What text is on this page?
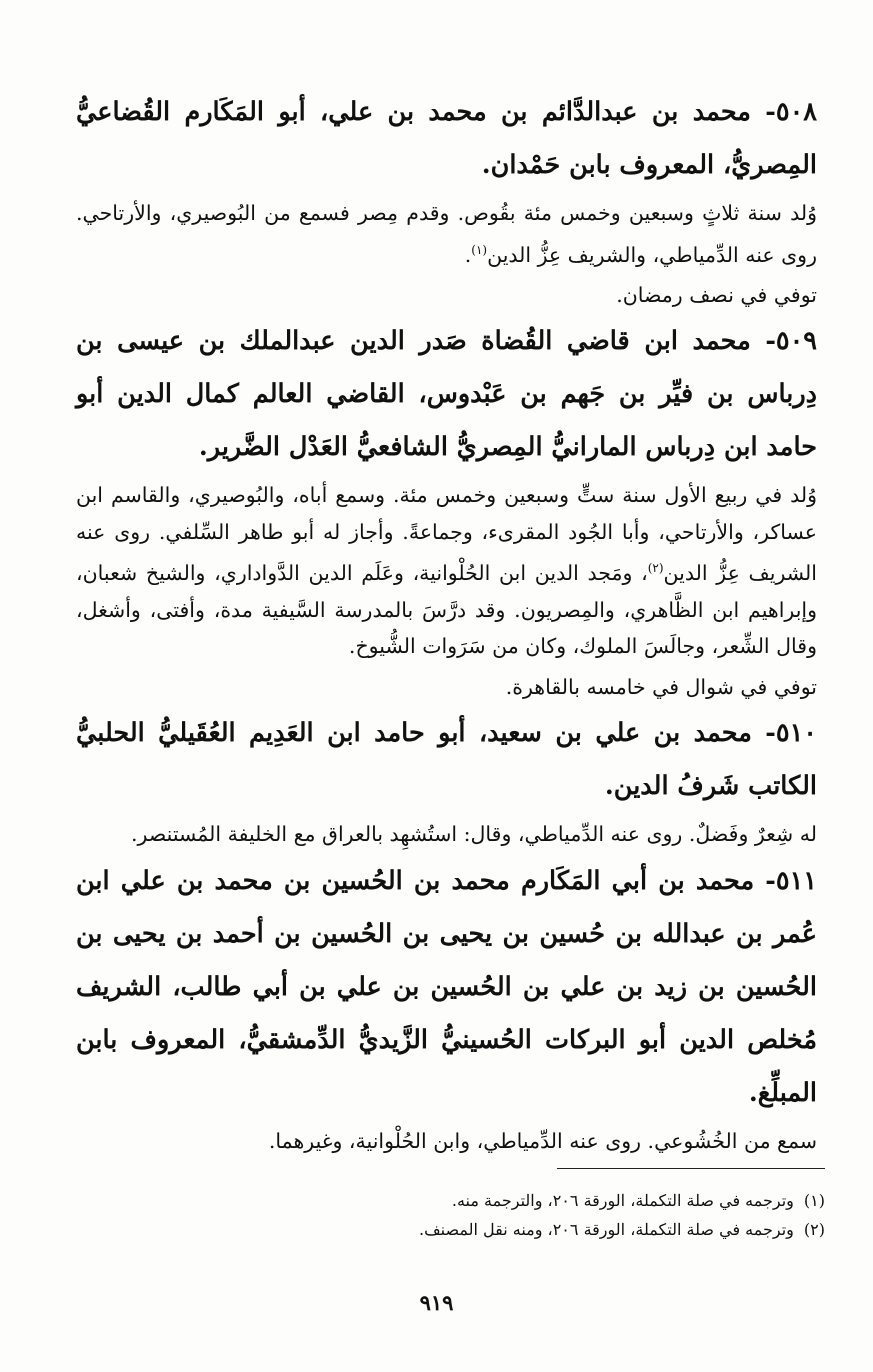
٥٠٨- محمد بن عبدالدَّائم بن محمد بن علي، أبو المَكَارم القُضاعيُّ المِصريُّ، المعروف بابن حَمْدان.

وُلد سنة ثلاثٍ وسبعين وخمس مئة بقُوص. وقدم مِصر فسمع من البُوصيري، والأرتاحي. روى عنه الدِّمياطي، والشريف عِزُّ الدين$^{(١)}$.

توفي في نصف رمضان.

٥٠٩- محمد ابن قاضي القُضاة صَدر الدين عبدالملك بن عيسى بن دِرباس بن فيِّر بن جَهم بن عَبْدوس، القاضي العالم كمال الدين أبو حامد ابن دِرباس المارانيُّ المِصريُّ الشافعيُّ العَدْل الضَّرير.

وُلد في ربيع الأول سنة ستٍّ وسبعين وخمس مئة. وسمع أباه، والبُوصيري، والقاسم ابن عساكر، والأرتاحي، وأبا الجُود المقرىء، وجماعةً. وأجاز له أبو طاهر السِّلفي. روى عنه الشريف عِزُّ الدين$^{(٢)}$، ومَجد الدين ابن الحُلْوانية، وعَلَم الدين الدَّواداري، والشيخ شعبان، وإبراهيم ابن الظَّاهري، والمِصريون. وقد درَّسَ بالمدرسة السَّيفية مدة، وأفتى، وأشغل، وقال الشِّعر، وجالَسَ الملوك، وكان من سَرَوات الشُّيوخ.

توفي في شوال في خامسه بالقاهرة.

٥١٠- محمد بن علي بن سعيد، أبو حامد ابن العَدِيم العُقَيليُّ الحلبيُّ الكاتب شَرفُ الدين.

له شِعرٌ وفَضلٌ. روى عنه الدِّمياطي، وقال: استُشهِد بالعراق مع الخليفة المُستنصر.

٥١١- محمد بن أبي المَكَارم محمد بن الحُسين بن محمد بن علي ابن عُمر بن عبدالله بن حُسين بن يحيى بن الحُسين بن أحمد بن يحيى بن الحُسين بن زيد بن علي بن الحُسين بن علي بن أبي طالب، الشريف مُخلص الدين أبو البركات الحُسينيُّ الزَّيديُّ الدِّمشقيُّ، المعروف بابن المبلِّغ.

سمع من الخُشُوعي. روى عنه الدِّمياطي، وابن الحُلْوانية، وغيرهما.

(١)وترجمه في صلة التكملة، الورقة ٢٠٦، والترجمة منه.

(٢)وترجمه في صلة التكملة، الورقة ٢٠٦، ومنه نقل المصنف.

٩١٩
